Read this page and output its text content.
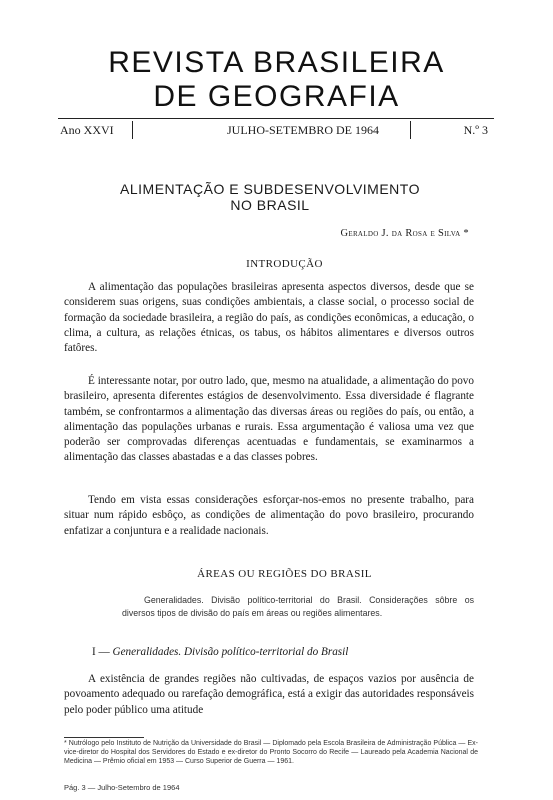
REVISTA BRASILEIRA
DE GEOGRAFIA
Ano XXVI	JULHO-SETEMBRO DE 1964	N.º 3
ALIMENTAÇÃO E SUBDESENVOLVIMENTO
NO BRASIL
Geraldo J. da Rosa e Silva *
INTRODUÇÃO

A alimentação das populações brasileiras apresenta aspectos diversos, desde que se considerem suas origens, suas condições ambientais, a classe social, o processo social de formação da sociedade brasileira, a região do país, as condições econômicas, a educação, o clima, a cultura, as relações étnicas, os tabus, os hábitos alimentares e diversos outros fatôres.

É interessante notar, por outro lado, que, mesmo na atualidade, a alimentação do povo brasileiro, apresenta diferentes estágios de desenvolvimento. Essa diversidade é flagrante também, se confrontarmos a alimentação das diversas áreas ou regiões do país, ou então, a alimentação das populações urbanas e rurais. Essa argumentação é valiosa uma vez que poderão ser comprovadas diferenças acentuadas e fundamentais, se examinarmos a alimentação das classes abastadas e a das classes pobres.

Tendo em vista essas considerações esforçar-nos-emos no presente trabalho, para situar num rápido esbôço, as condições de alimentação do povo brasileiro, procurando enfatizar a conjuntura e a realidade nacionais.

ÁREAS OU REGIÕES DO BRASIL

Generalidades. Divisão político-territorial do Brasil. Considerações sôbre os diversos tipos de divisão do país em áreas ou regiões alimentares.

I — Generalidades. Divisão político-territorial do Brasil

A existência de grandes regiões não cultivadas, de espaços vazios por ausência de povoamento adequado ou rarefação demográfica, está a exigir das autoridades responsáveis pelo poder público uma atitude

* Nutrólogo pelo Instituto de Nutrição da Universidade do Brasil — Diplomado pela Escola Brasileira de Administração Pública — Ex-vice-diretor do Hospital dos Servidores do Estado e ex-diretor do Pronto Socorro do Recife — Laureado pela Academia Nacional de Medicina — Prêmio oficial em 1953 — Curso Superior de Guerra — 1961.

Pág. 3 — Julho-Setembro de 1964
